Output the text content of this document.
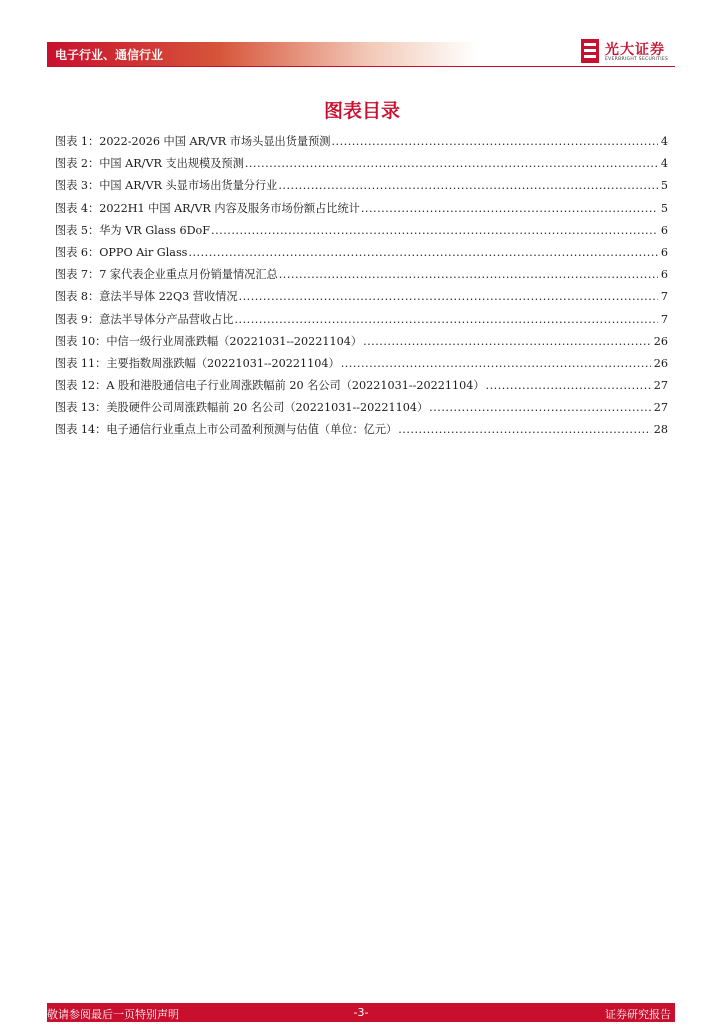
电子行业、通信行业	光大证券
EVERBRIGHT SECURITIES
图表目录
图表 1：2022-2026 中国 AR/VR 市场头显出货量预测 .....	4
图表 2：中国 AR/VR 支出规模及预测 .....	4
图表 3：中国 AR/VR 头显市场出货量分行业 .....	5
图表 4：2022H1 中国 AR/VR 内容及服务市场份额占比统计 .....	5
图表 5：华为 VR Glass 6DoF .....	6
图表 6：OPPO Air Glass .....	6
图表 7：7 家代表企业重点月份销量情况汇总 .....	6
图表 8：意法半导体 22Q3 营收情况 .....	7
图表 9：意法半导体分产品营收占比 .....	7
图表 10：中信一级行业周涨跌幅（20221031--20221104） .....	26
图表 11：主要指数周涨跌幅（20221031--20221104） .....	26
图表 12：A 股和港股通信电子行业周涨跌幅前 20 名公司（20221031--20221104） .....	27
图表 13：美股硬件公司周涨跌幅前 20 名公司（20221031--20221104） .....	27
图表 14：电子通信行业重点上市公司盈利预测与估值（单位：亿元） .....	28
敬请参阅最后一页特别声明	-3-	证券研究报告
